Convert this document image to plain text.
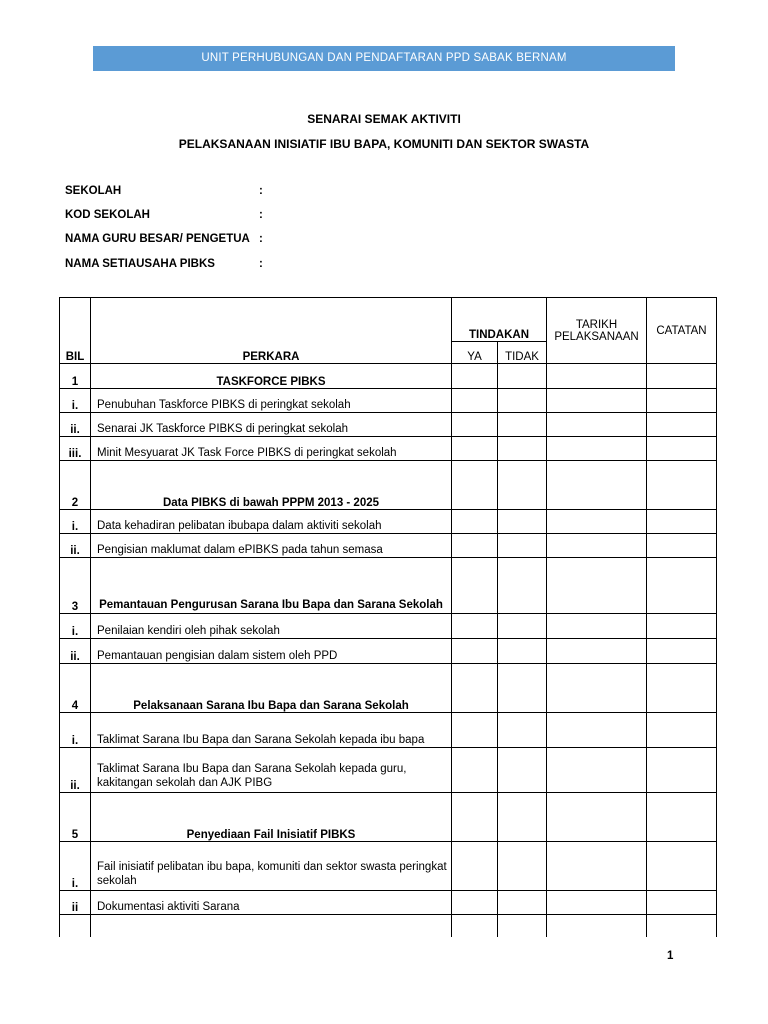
UNIT PERHUBUNGAN DAN PENDAFTARAN PPD SABAK BERNAM
SENARAI SEMAK AKTIVITI
PELAKSANAAN INISIATIF IBU BAPA, KOMUNITI DAN SEKTOR SWASTA
SEKOLAH	:
KOD SEKOLAH	:
NAMA GURU BESAR/ PENGETUA :
NAMA SETIAUSAHA PIBKS	:
BIL	PERKARA	TINDAKAN		TARIKH PELAKSANAAN	CATATAN
		YA	TIDAK		
1	TASKFORCE PIBKS				
i.	Penubuhan Taskforce PIBKS di peringkat sekolah				
ii.	Senarai JK Taskforce PIBKS di peringkat sekolah				
iii.	Minit Mesyuarat JK Task Force PIBKS di peringkat sekolah				
2	Data PIBKS di bawah PPPM 2013 - 2025				
i.	Data kehadiran pelibatan ibubapa dalam aktiviti sekolah				
ii.	Pengisian maklumat dalam ePIBKS pada tahun semasa				
3	Pemantauan Pengurusan Sarana Ibu Bapa dan Sarana Sekolah				
i.	Penilaian kendiri oleh pihak sekolah				
ii.	Pemantauan pengisian dalam sistem oleh PPD				
4	Pelaksanaan Sarana Ibu Bapa dan Sarana Sekolah				
i.	Taklimat Sarana Ibu Bapa dan Sarana Sekolah kepada ibu bapa				
ii.	Taklimat Sarana Ibu Bapa dan Sarana Sekolah kepada guru, kakitangan sekolah dan AJK PIBG				
5	Penyediaan Fail Inisiatif PIBKS				
i.	Fail inisiatif pelibatan ibu bapa, komuniti dan sektor swasta peringkat sekolah				
ii	Dokumentasi aktiviti Sarana				

1
